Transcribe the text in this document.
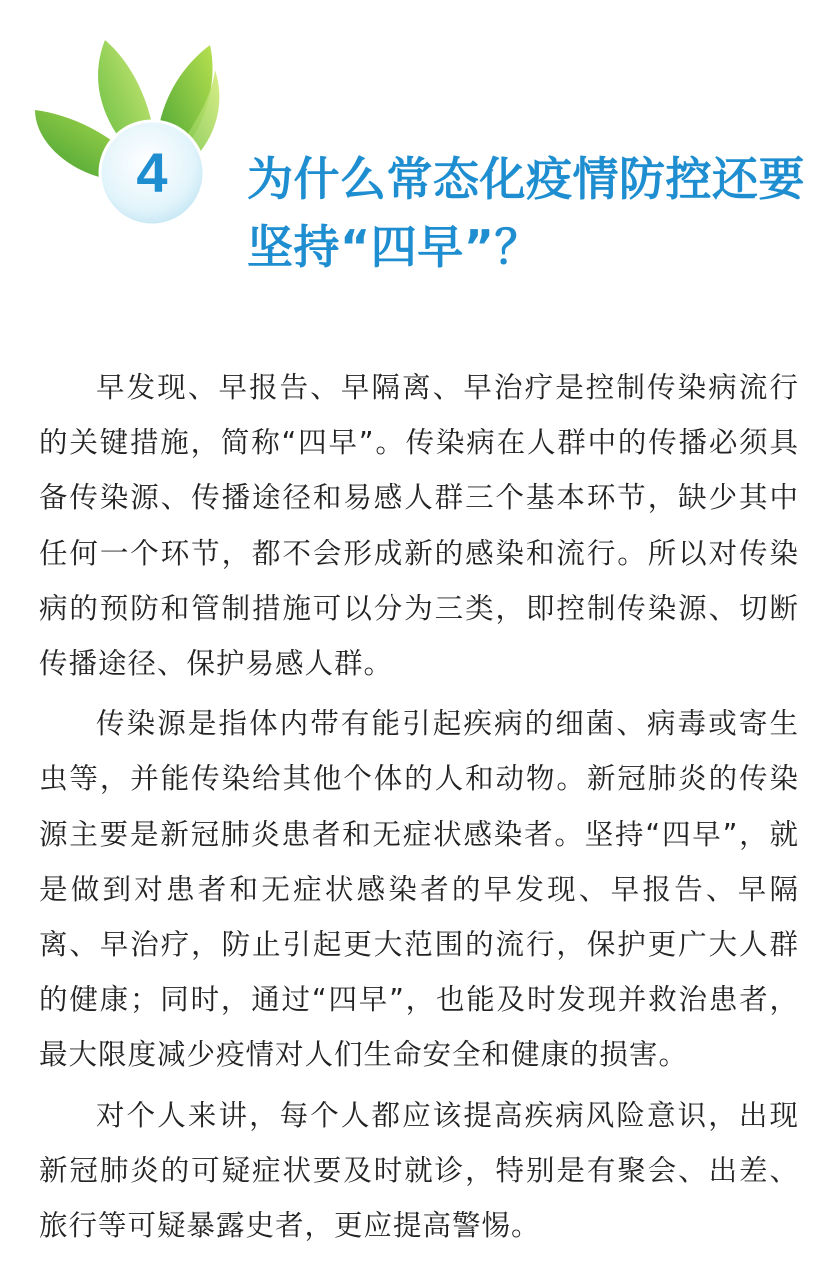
4 为什么常态化疫情防控还要
坚持“四早”？

早发现、早报告、早隔离、早治疗是控制传染病流行的关键措施，简称“四早”。传染病在人群中的传播必须具备传染源、传播途径和易感人群三个基本环节，缺少其中任何一个环节，都不会形成新的感染和流行。所以对传染病的预防和管制措施可以分为三类，即控制传染源、切断传播途径、保护易感人群。

传染源是指体内带有能引起疾病的细菌、病毒或寄生虫等，并能传染给其他个体的人和动物。新冠肺炎的传染源主要是新冠肺炎患者和无症状感染者。坚持“四早”，就是做到对患者和无症状感染者的早发现、早报告、早隔离、早治疗，防止引起更大范围的流行，保护更广大人群的健康；同时，通过“四早”，也能及时发现并救治患者，最大限度减少疫情对人们生命安全和健康的损害。

对个人来讲，每个人都应该提高疾病风险意识，出现新冠肺炎的可疑症状要及时就诊，特别是有聚会、出差、旅行等可疑暴露史者，更应提高警惕。
